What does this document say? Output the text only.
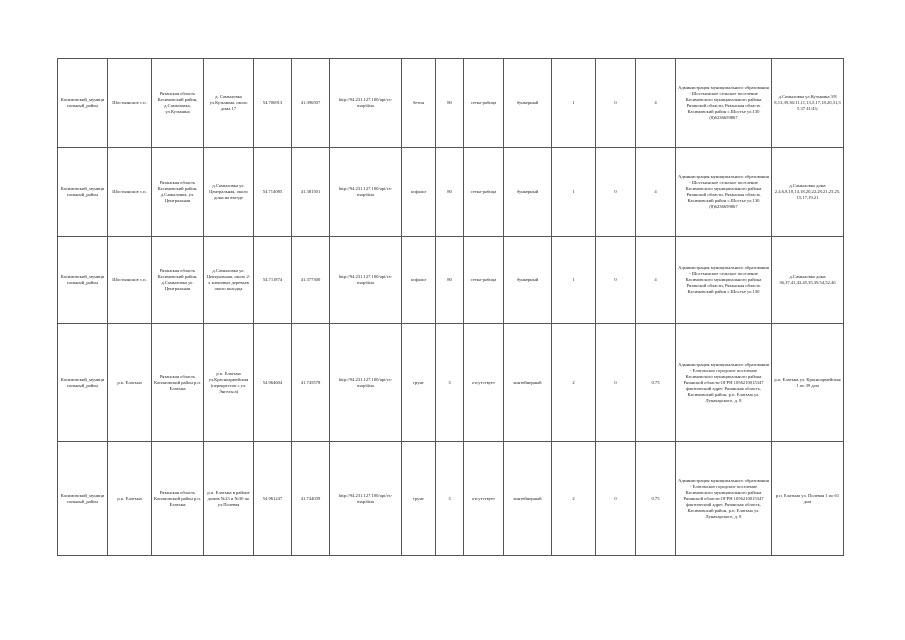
Касимовский_муниципальный_район	Шостьинское с.п.	Рязанская область Касимовский район, д.Самыловка, ул.Кузьмина	д. Самыловка ул.Кузьмина, около дома 17	54.706913	41.396507	http://94.231.127.100/api/vs-map/data	бетон	80	сетка-рабица	бункерный	1	0	4	Администрация муниципального образования - Шостьинское сельское поселение Касимовского муниципального района Рязанской области, Рязанская область Касимовский район с.Шостье ул.130 (8)6236659867	д.Самыловка ул.Кузьмина 3/8 8,13,39,36/11,11,13,5,17,18,20,31,35,37 41/43;
Касимовский_муниципальный_район	Шостьинское с.п.	Рязанская область Касимовский район, д.Самыловка, ул. Центральная	д.Самыловка ул. Центральная, около дома на въезде	54.714085	41.381501	http://94.231.127.100/api/vs-map/data	асфальт	80	сетка-рабица	бункерный	1	0	4	Администрация муниципального образования - Шостьинское сельское поселение Касимовского муниципального района Рязанской области, Рязанская область Касимовский район с.Шостье ул.130 (8)6236659867	д.Самыловка дома 2,4,6,8,10,14,18,20,22,28,21,23,25,15,17,19,21
Касимовский_муниципальный_район	Шостьинское с.п.	Рязанская область Касимовский район, д.Самыловка ул. Центральная	д.Самыловка ул. Центральная, около 2-х кленовых деревьев около колодца	54.711874	41.377300	http://94.231.127.100/api/vs-map/data	асфальт	80	сетка-рабица	бункерный	1	0	4	Администрация муниципального образования - Шостьинское сельское поселение Касимовского муниципального района Рязанской области, Рязанская область Касимовский район с.Шостье ул.130	д.Самыловка дома 36,37,41,43,45,35,39,54,52,46
Касимовский_муниципальный_район	р.п. Елатьма	Рязанская область Касимовский район р.п. Елатьма	р.п. Елатьма ул.Красноармейская (перекресток с ул. Энгельса)	54.964604	41.745578	http://94.231.127.100/api/vs-map/data	грунт	3	отсутствует	контейнерный	2	0	0.75	Администрация муниципального образования - Елатомское городское поселение Касимовского муниципального района Рязанской области ОГРН 1056210015347 фактический адрес Рязанская область, Касимовский район, р.п. Елатьма ул. Луначарского, д. 8	р.п. Елатьма ул. Красноармейская 1 по 39 дом
Касимовский_муниципальный_район	р.п. Елатьма	Рязанская область Касимовский район р.п. Елатьма	р.п. Елатьма в районе домов №23 и №30 по ул.Полевая	54.961247	41.744039	http://94.231.127.100/api/vs-map/data	грунт	3	отсутствует	контейнерный	2	0	0.75	Администрация муниципального образования - Елатомское городское поселение Касимовского муниципального района Рязанской области ОГРН 1056210015347 фактический адрес Рязанская область, Касимовский район, р.п. Елатьма ул. Луначарского, д. 8	р.п. Елатьма ул. Полевая 1 по 61 дом
